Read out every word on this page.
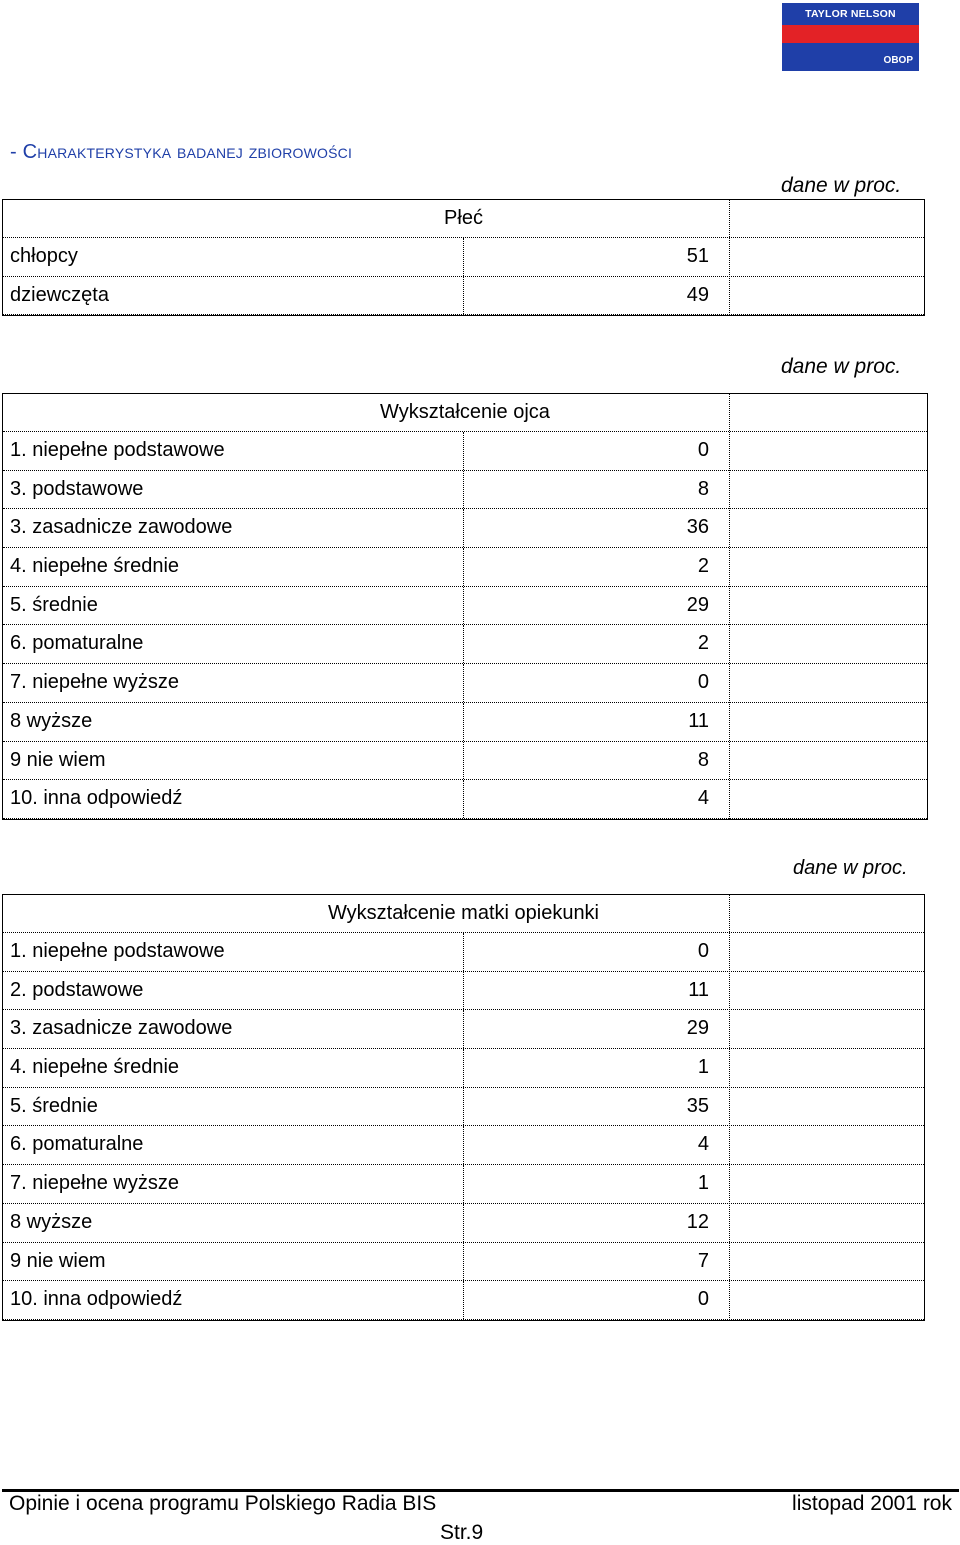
TAYLOR NELSON
OBOP
- Charakterystyka badanej zbiorowości
dane w proc.
Płeć
chłopcy	51
dziewczęta	49
dane w proc.
Wykształcenie ojca
1. niepełne podstawowe	0
3. podstawowe	8
3. zasadnicze zawodowe	36
4. niepełne średnie	2
5. średnie	29
6. pomaturalne	2
7. niepełne wyższe	0
8 wyższe	11
9 nie wiem	8
10. inna odpowiedź	4
dane w proc.
Wykształcenie matki opiekunki
1. niepełne podstawowe	0
2. podstawowe	11
3. zasadnicze zawodowe	29
4. niepełne średnie	1
5. średnie	35
6. pomaturalne	4
7. niepełne wyższe	1
8 wyższe	12
9 nie wiem	7
10. inna odpowiedź	0
Opinie i ocena programu Polskiego Radia BIS	listopad 2001 rok
Str.9
